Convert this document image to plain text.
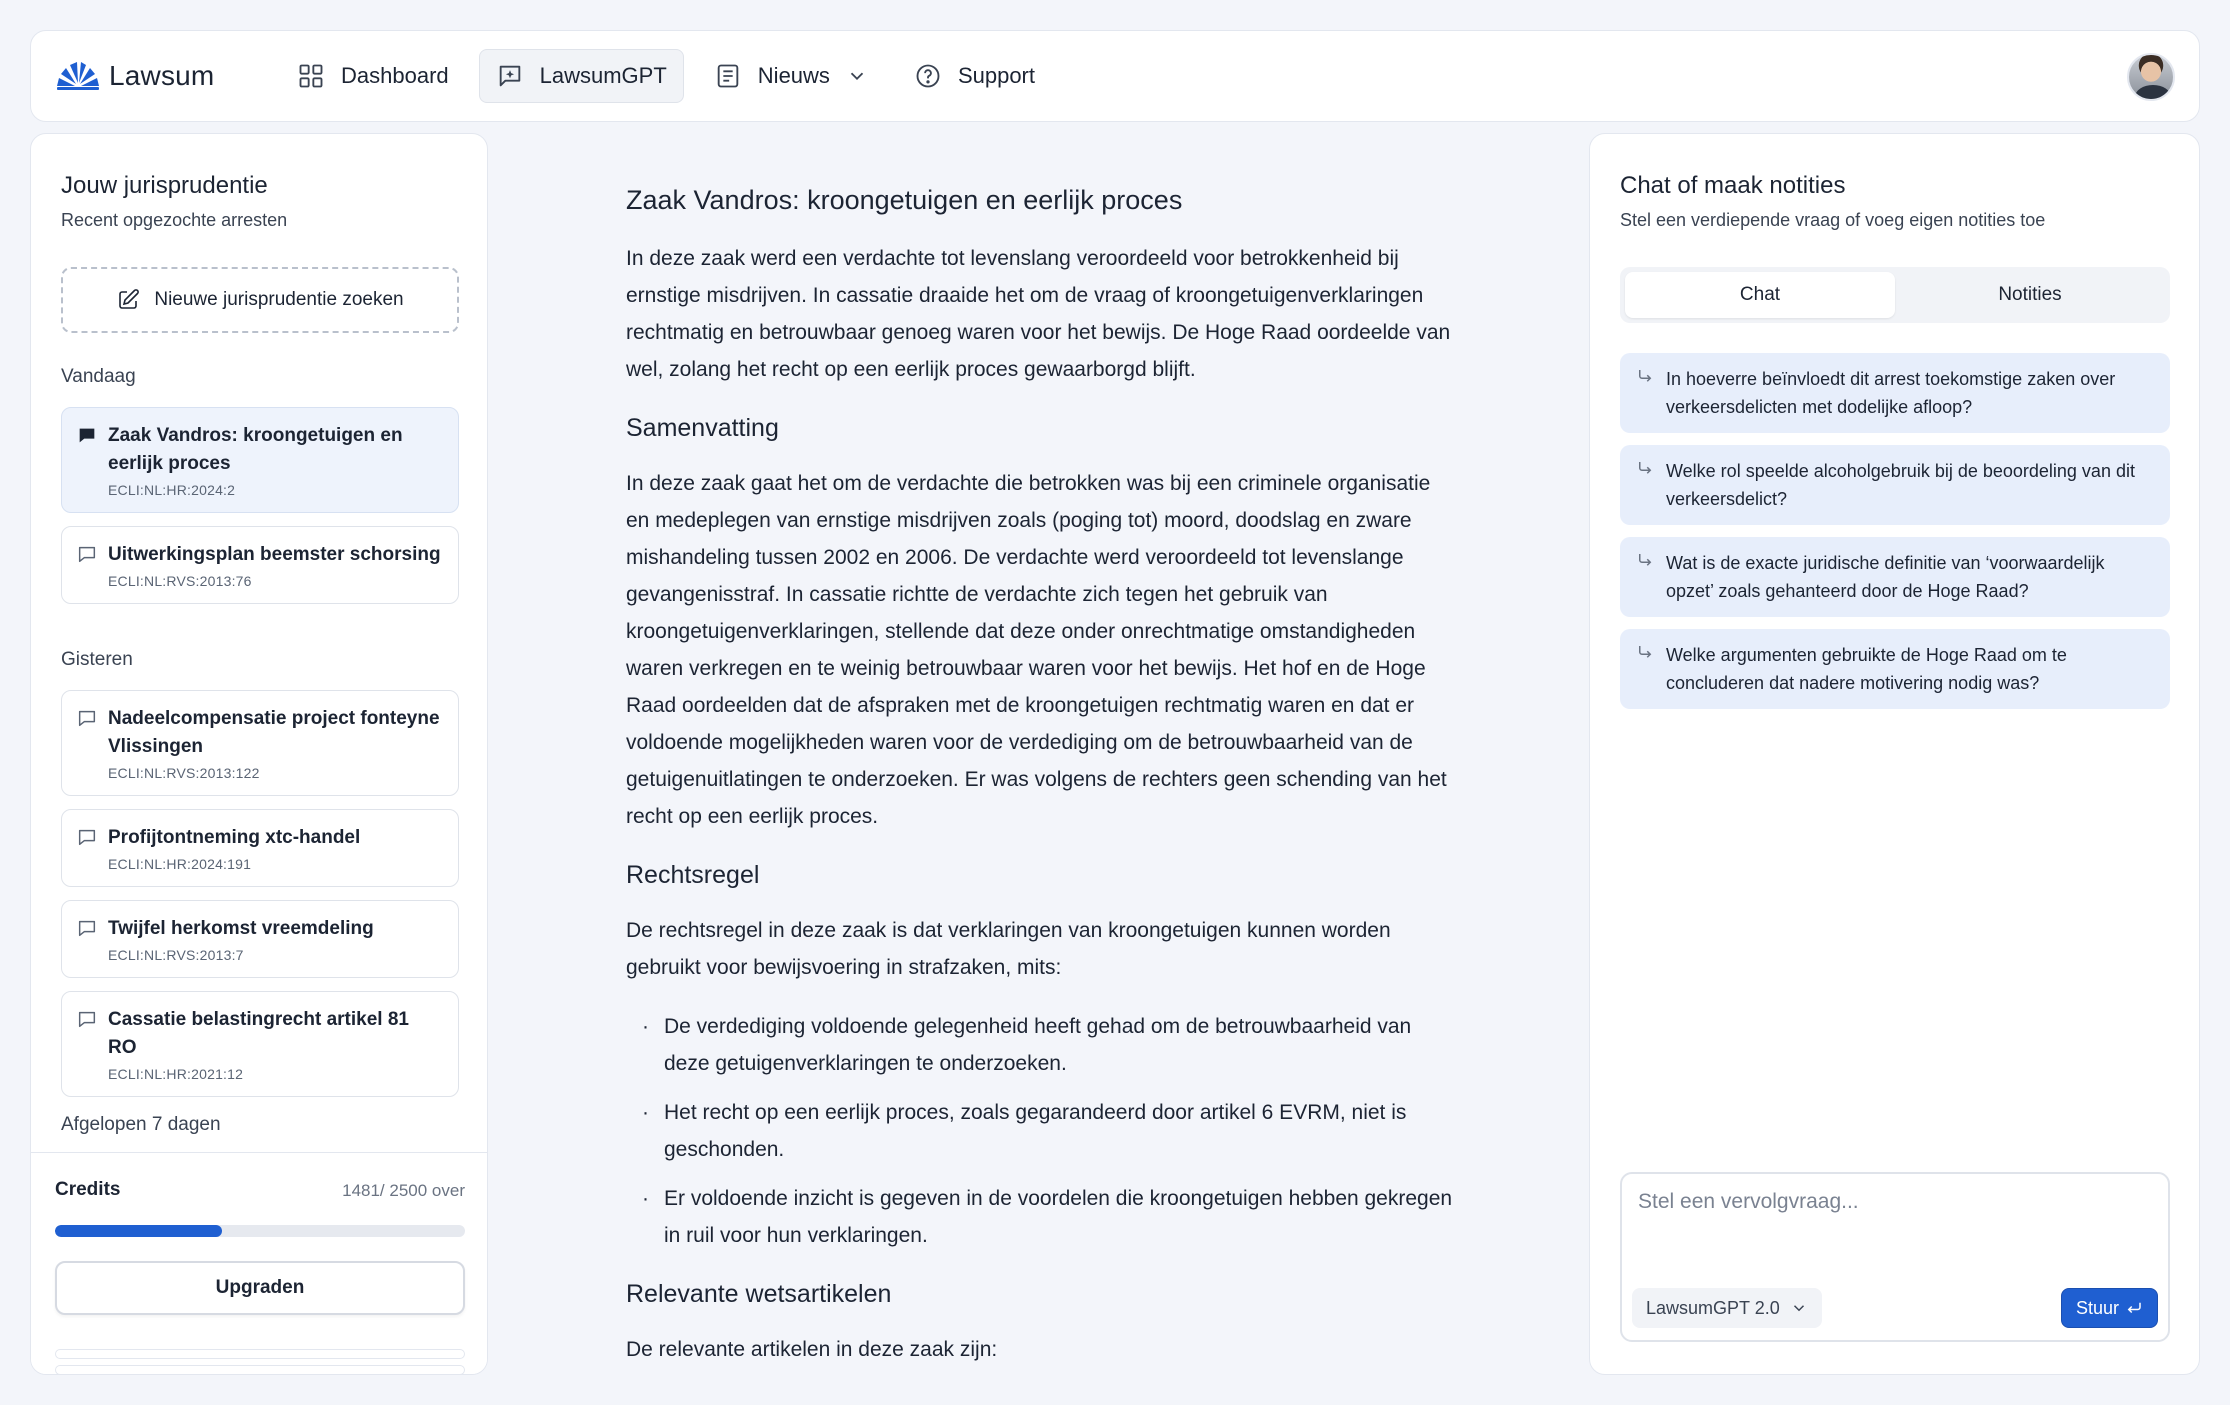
Lawsum	Dashboard	LawsumGPT	Nieuws	Support
Jouw jurisprudentie
Recent opgezochte arresten
Nieuwe jurisprudentie zoeken
Vandaag
Zaak Vandros: kroongetuigen en eerlijk proces
ECLI:NL:HR:2024:2
Uitwerkingsplan beemster schorsing
ECLI:NL:RVS:2013:76
Gisteren
Nadeelcompensatie project fonteyne Vlissingen
ECLI:NL:RVS:2013:122
Profijtontneming xtc-handel
ECLI:NL:HR:2024:191
Twijfel herkomst vreemdeling
ECLI:NL:RVS:2013:7
Cassatie belastingrecht artikel 81 RO
ECLI:NL:HR:2021:12
Afgelopen 7 dagen
Credits	1481/ 2500 over
Upgraden
Zaak Vandros: kroongetuigen en eerlijk proces

In deze zaak werd een verdachte tot levenslang veroordeeld voor betrokkenheid bij ernstige misdrijven. In cassatie draaide het om de vraag of kroongetuigenverklaringen rechtmatig en betrouwbaar genoeg waren voor het bewijs. De Hoge Raad oordeelde van wel, zolang het recht op een eerlijk proces gewaarborgd blijft.

Samenvatting

In deze zaak gaat het om de verdachte die betrokken was bij een criminele organisatie en medeplegen van ernstige misdrijven zoals (poging tot) moord, doodslag en zware mishandeling tussen 2002 en 2006. De verdachte werd veroordeeld tot levenslange gevangenisstraf. In cassatie richtte de verdachte zich tegen het gebruik van kroongetuigenverklaringen, stellende dat deze onder onrechtmatige omstandigheden waren verkregen en te weinig betrouwbaar waren voor het bewijs. Het hof en de Hoge Raad oordeelden dat de afspraken met de kroongetuigen rechtmatig waren en dat er voldoende mogelijkheden waren voor de verdediging om de betrouwbaarheid van de getuigenuitlatingen te onderzoeken. Er was volgens de rechters geen schending van het recht op een eerlijk proces.

Rechtsregel

De rechtsregel in deze zaak is dat verklaringen van kroongetuigen kunnen worden gebruikt voor bewijsvoering in strafzaken, mits:

· De verdediging voldoende gelegenheid heeft gehad om de betrouwbaarheid van deze getuigenverklaringen te onderzoeken.
· Het recht op een eerlijk proces, zoals gegarandeerd door artikel 6 EVRM, niet is geschonden.
· Er voldoende inzicht is gegeven in de voordelen die kroongetuigen hebben gekregen in ruil voor hun verklaringen.
Relevante wetsartikelen

De relevante artikelen in deze zaak zijn:

Chat of maak notities
Stel een verdiepende vraag of voeg eigen notities toe
Chat	Notities
In hoeverre beïnvloedt dit arrest toekomstige zaken over verkeersdelicten met dodelijke afloop?
Welke rol speelde alcoholgebruik bij de beoordeling van dit verkeersdelict?
Wat is de exacte juridische definitie van ‘voorwaardelijk opzet’ zoals gehanteerd door de Hoge Raad?
Welke argumenten gebruikte de Hoge Raad om te concluderen dat nadere motivering nodig was?
Stel een vervolgvraag...
LawsumGPT 2.0	Stuur
